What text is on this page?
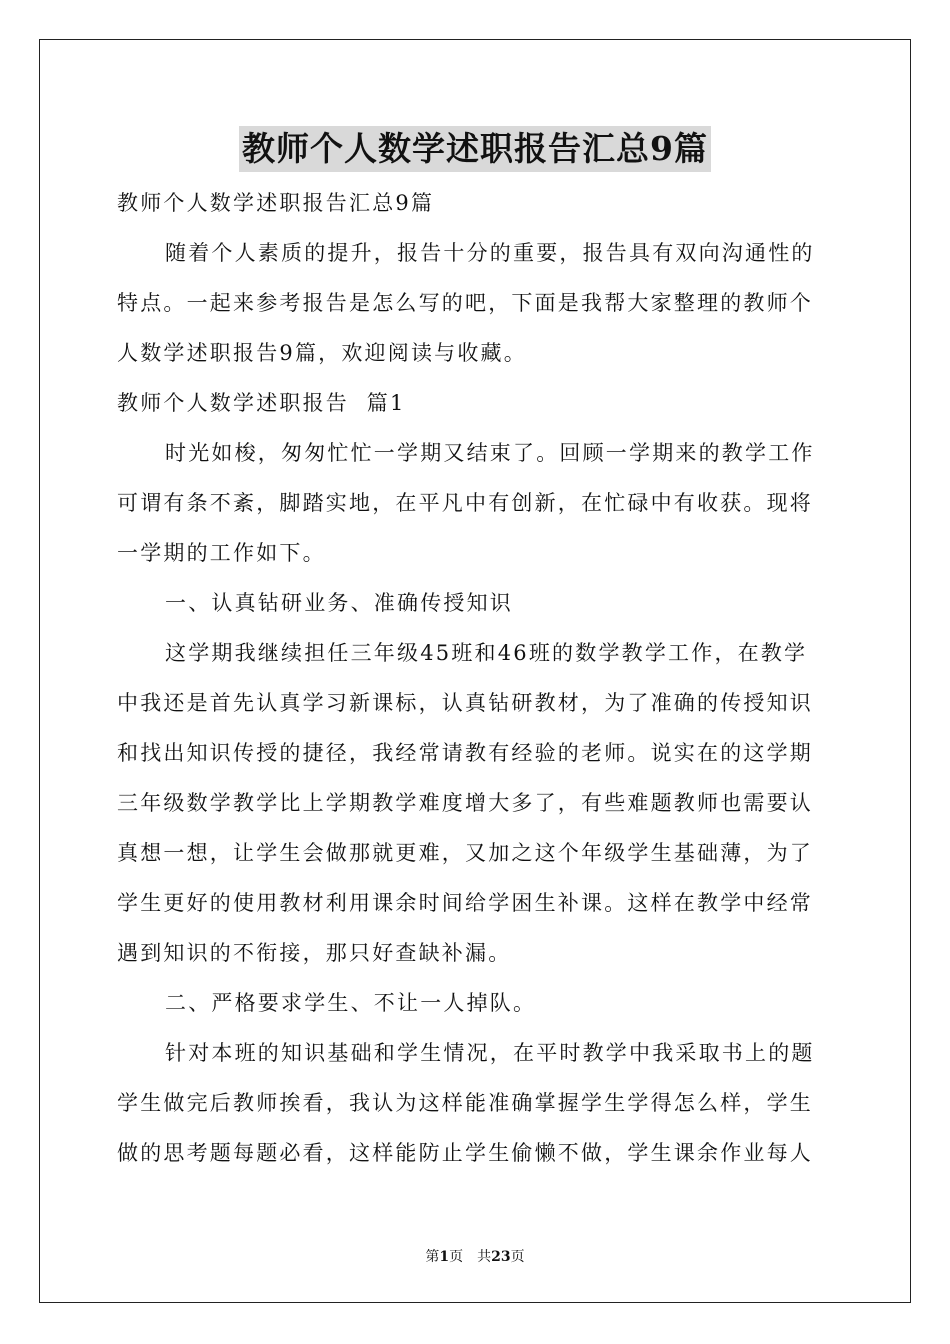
教师个人数学述职报告汇总9篇

教师个人数学述职报告汇总9篇

随着个人素质的提升，报告十分的重要，报告具有双向沟通性的

特点。一起来参考报告是怎么写的吧，下面是我帮大家整理的教师个

人数学述职报告9篇，欢迎阅读与收藏。

教师个人数学述职报告  篇1

时光如梭，匆匆忙忙一学期又结束了。回顾一学期来的教学工作

可谓有条不紊，脚踏实地，在平凡中有创新，在忙碌中有收获。现将

一学期的工作如下。

一、认真钻研业务、准确传授知识

这学期我继续担任三年级45班和46班的数学教学工作，在教学

中我还是首先认真学习新课标，认真钻研教材，为了准确的传授知识

和找出知识传授的捷径，我经常请教有经验的老师。说实在的这学期

三年级数学教学比上学期教学难度增大多了，有些难题教师也需要认

真想一想，让学生会做那就更难，又加之这个年级学生基础薄，为了

学生更好的使用教材利用课余时间给学困生补课。这样在教学中经常

遇到知识的不衔接，那只好查缺补漏。

二、严格要求学生、不让一人掉队。

针对本班的知识基础和学生情况，在平时教学中我采取书上的题

学生做完后教师挨看，我认为这样能准确掌握学生学得怎么样，学生

做的思考题每题必看，这样能防止学生偷懒不做，学生课余作业每人

第1页　共23页
